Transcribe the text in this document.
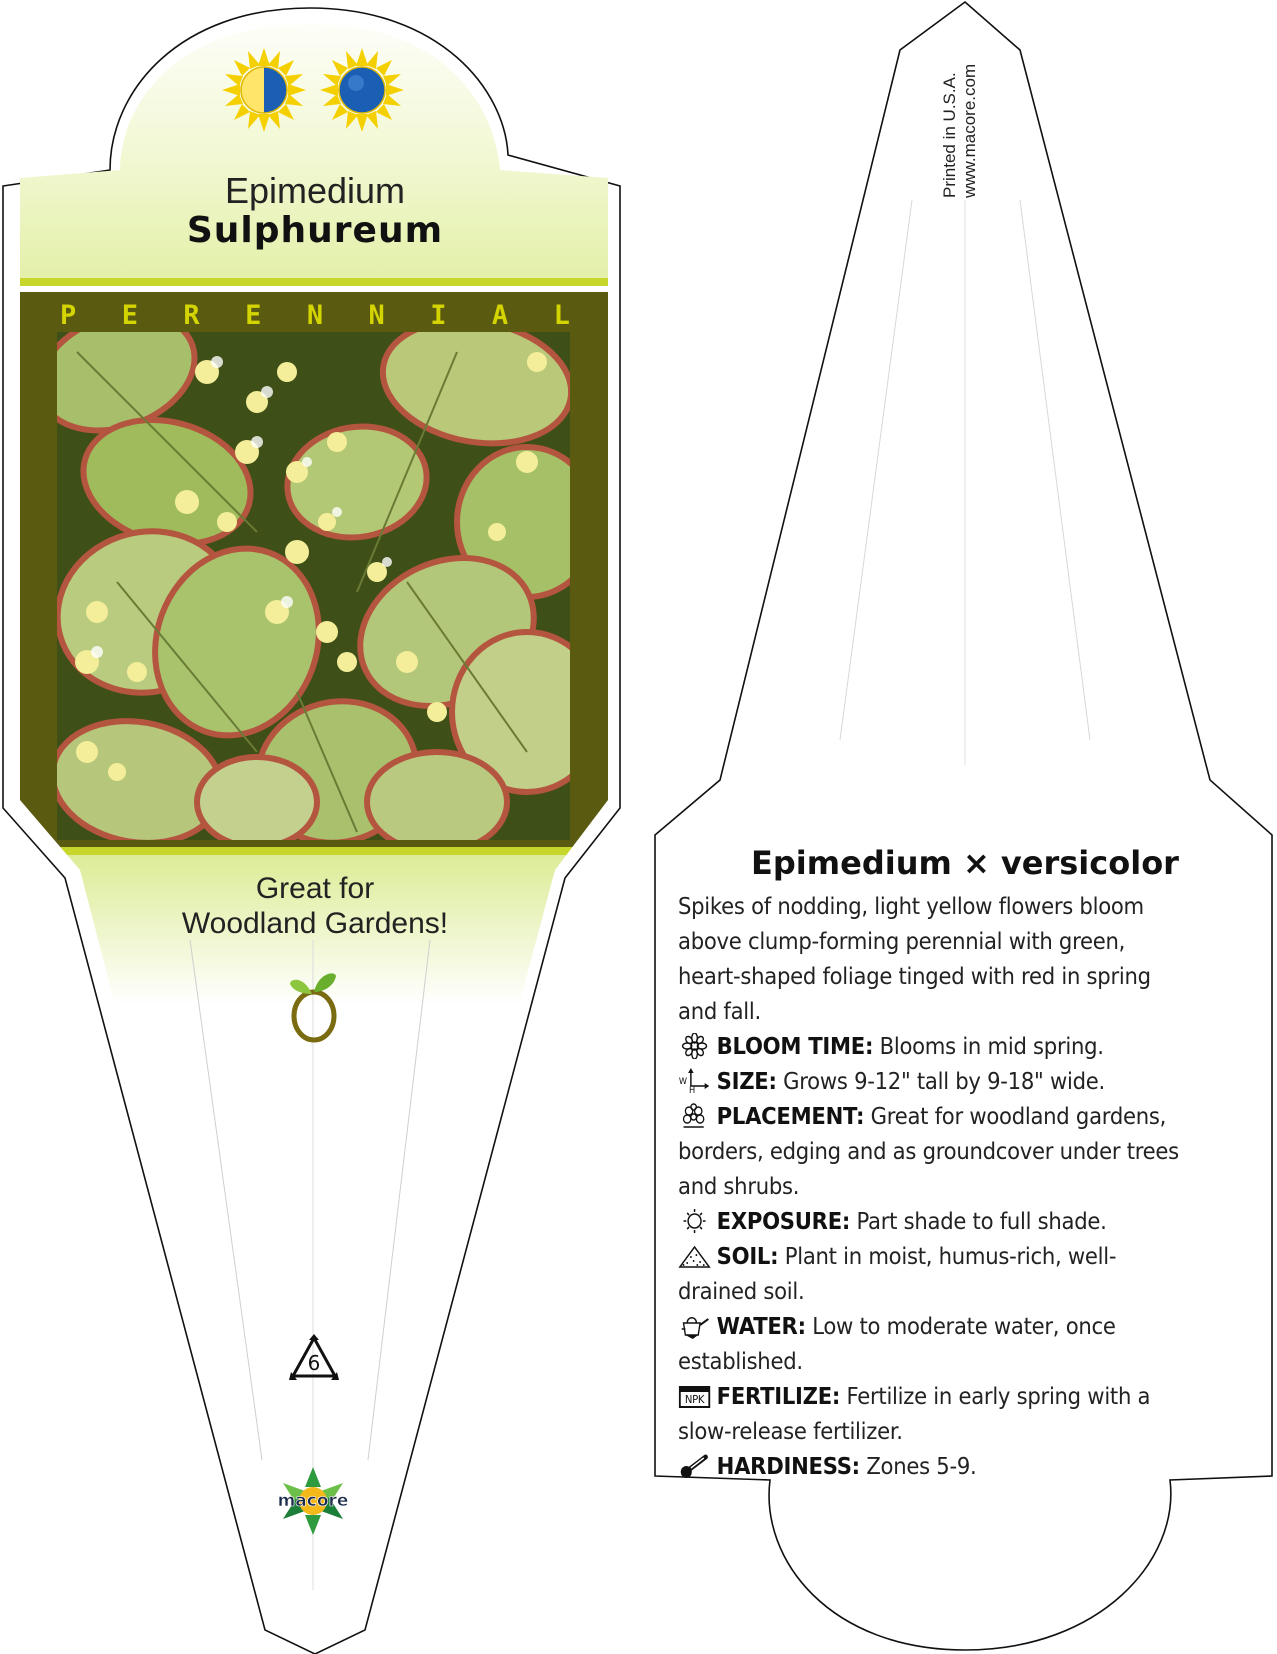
Epimedium
Sulphureum
P E R E N N I A L
Great for
Woodland Gardens!
6
macore
Printed in U.S.A. www.macore.com
Epimedium × versicolor

Spikes of nodding, light yellow flowers bloom above clump-forming perennial with green, heart-shaped foliage tinged with red in spring and fall.

BLOOM TIME: Blooms in mid spring.

W
H SIZE: Grows 9-12" tall by 9-18" wide.

PLACEMENT: Great for woodland gardens, borders, edging and as groundcover under trees and shrubs.

EXPOSURE: Part shade to full shade.

SOIL: Plant in moist, humus-rich, well-drained soil.

WATER: Low to moderate water, once established.

NPK FERTILIZE: Fertilize in early spring with a slow-release fertilizer.

HARDINESS: Zones 5-9.
